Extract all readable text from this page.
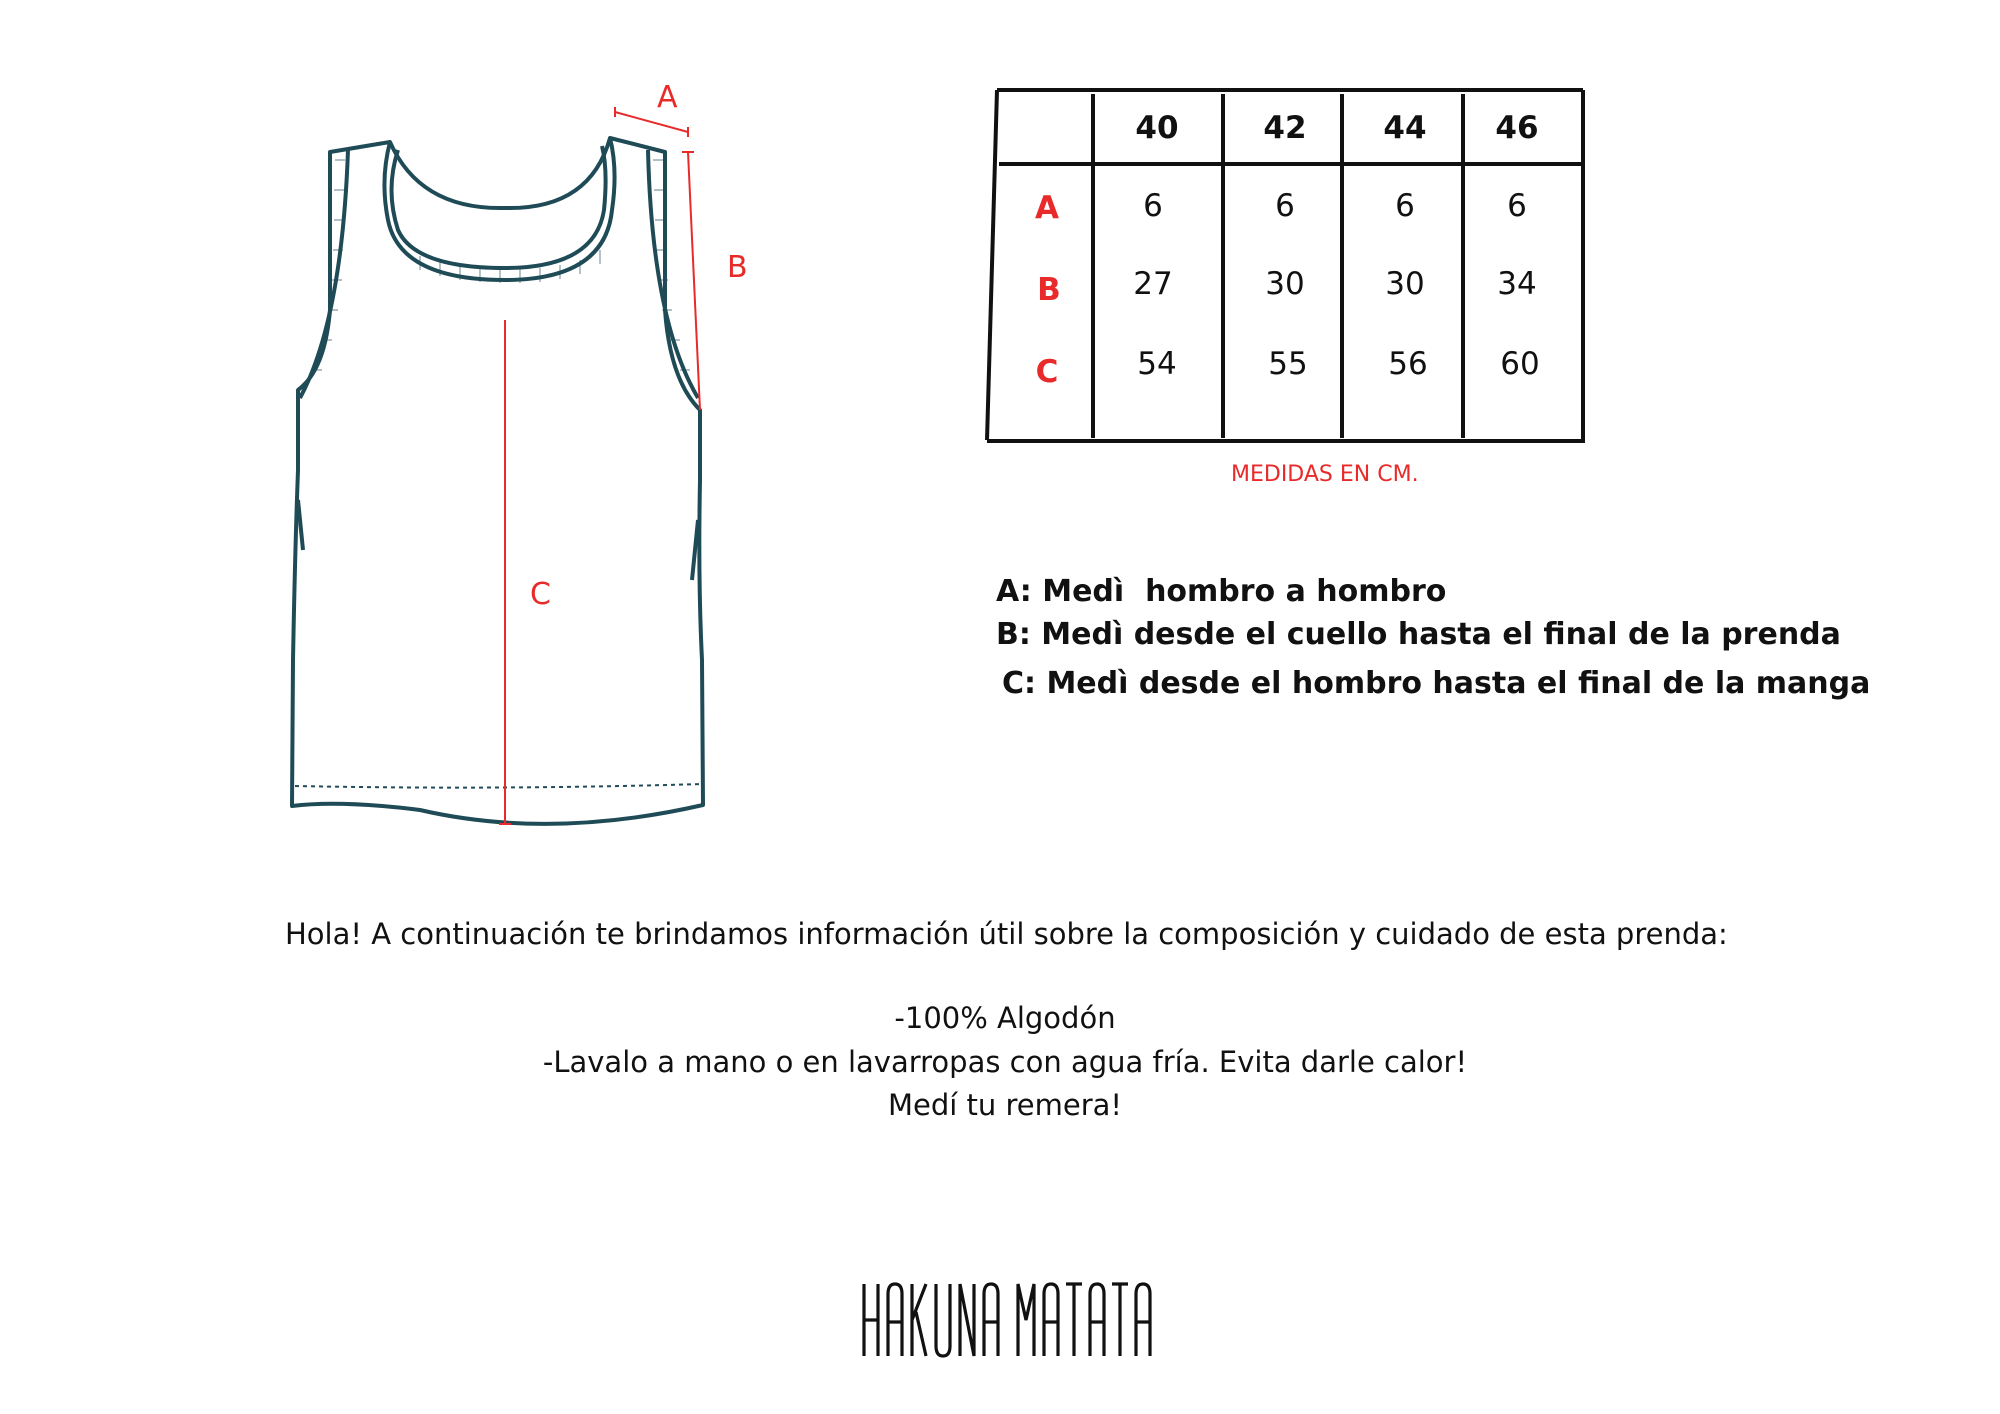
A
B
C
40	42	44	46
A	6	6	6	6
B	27	30	30	34
C	54	55	56	60
MEDIDAS EN CM.
A: Medì  hombro a hombro
B: Medì desde el cuello hasta el final de la prenda
C: Medì desde el hombro hasta el final de la manga
Hola! A continuación te brindamos información útil sobre la composición y cuidado de esta prenda:
-100% Algodón
-Lavalo a mano o en lavarropas con agua fría. Evita darle calor!
Medí tu remera!
